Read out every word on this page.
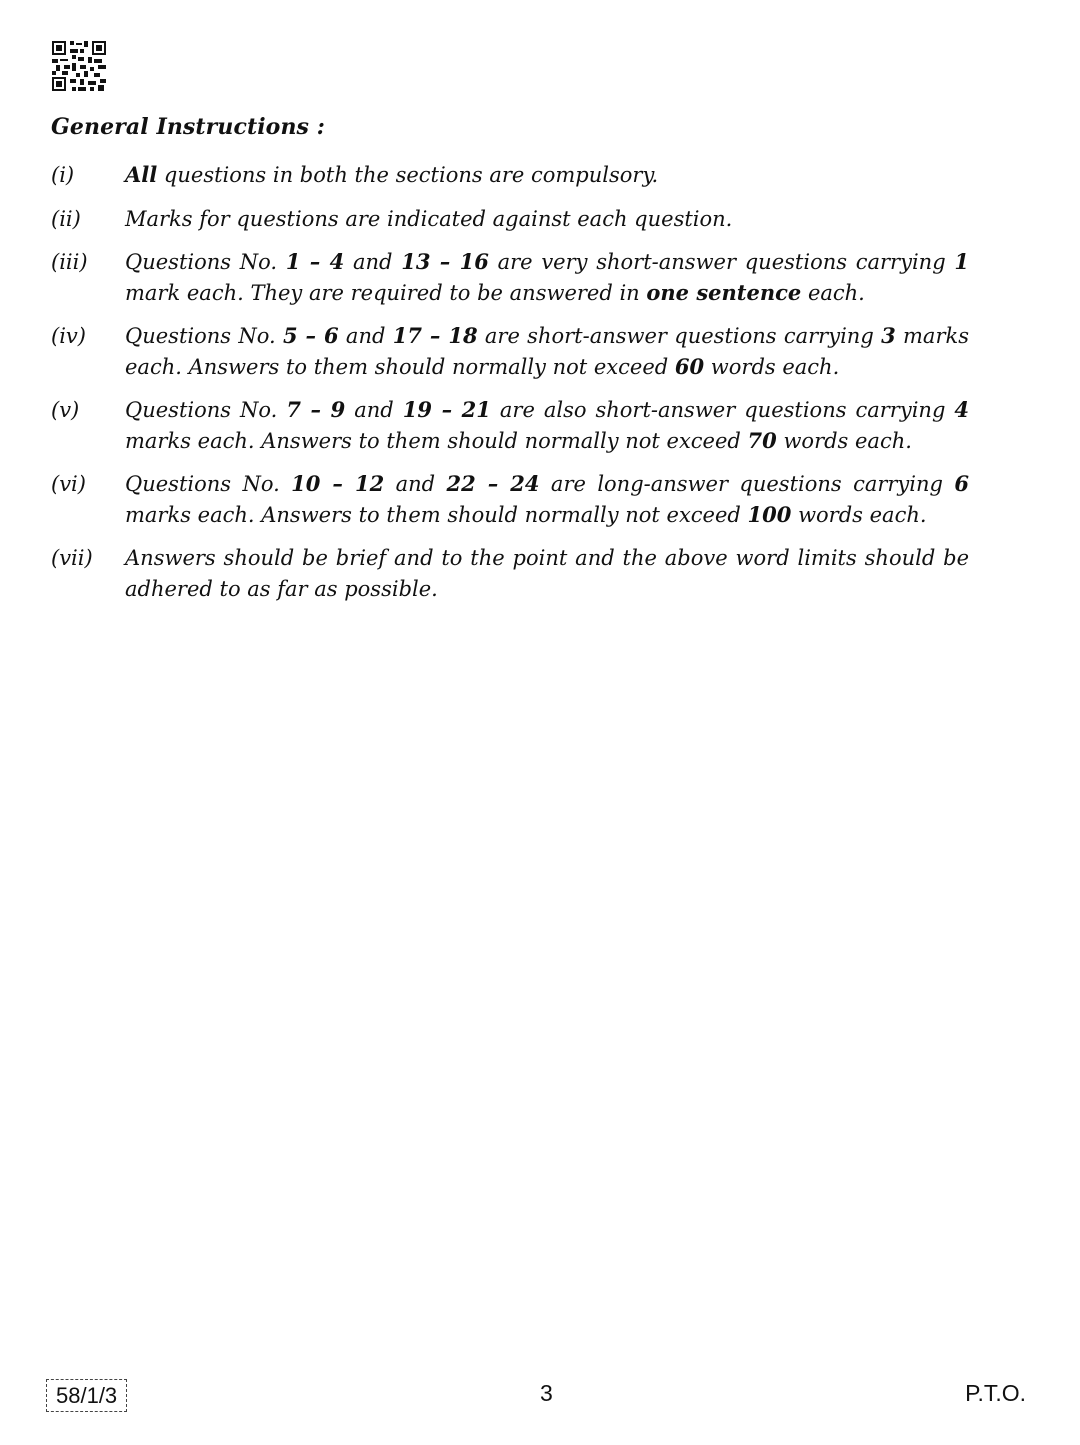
General Instructions :
(i)	All questions in both the sections are compulsory.
(ii)	Marks for questions are indicated against each question.
(iii)	Questions No. 1 – 4 and 13 – 16 are very short-answer questions carrying 1 mark each. They are required to be answered in one sentence each.
(iv)	Questions No. 5 – 6 and 17 – 18 are short-answer questions carrying 3 marks each. Answers to them should normally not exceed 60 words each.
(v)	Questions No. 7 – 9 and 19 – 21 are also short-answer questions carrying 4 marks each. Answers to them should normally not exceed 70 words each.
(vi)	Questions No. 10 – 12 and 22 – 24 are long-answer questions carrying 6 marks each. Answers to them should normally not exceed 100 words each.
(vii)	Answers should be brief and to the point and the above word limits should be adhered to as far as possible.
58/1/3	3	P.T.O.
